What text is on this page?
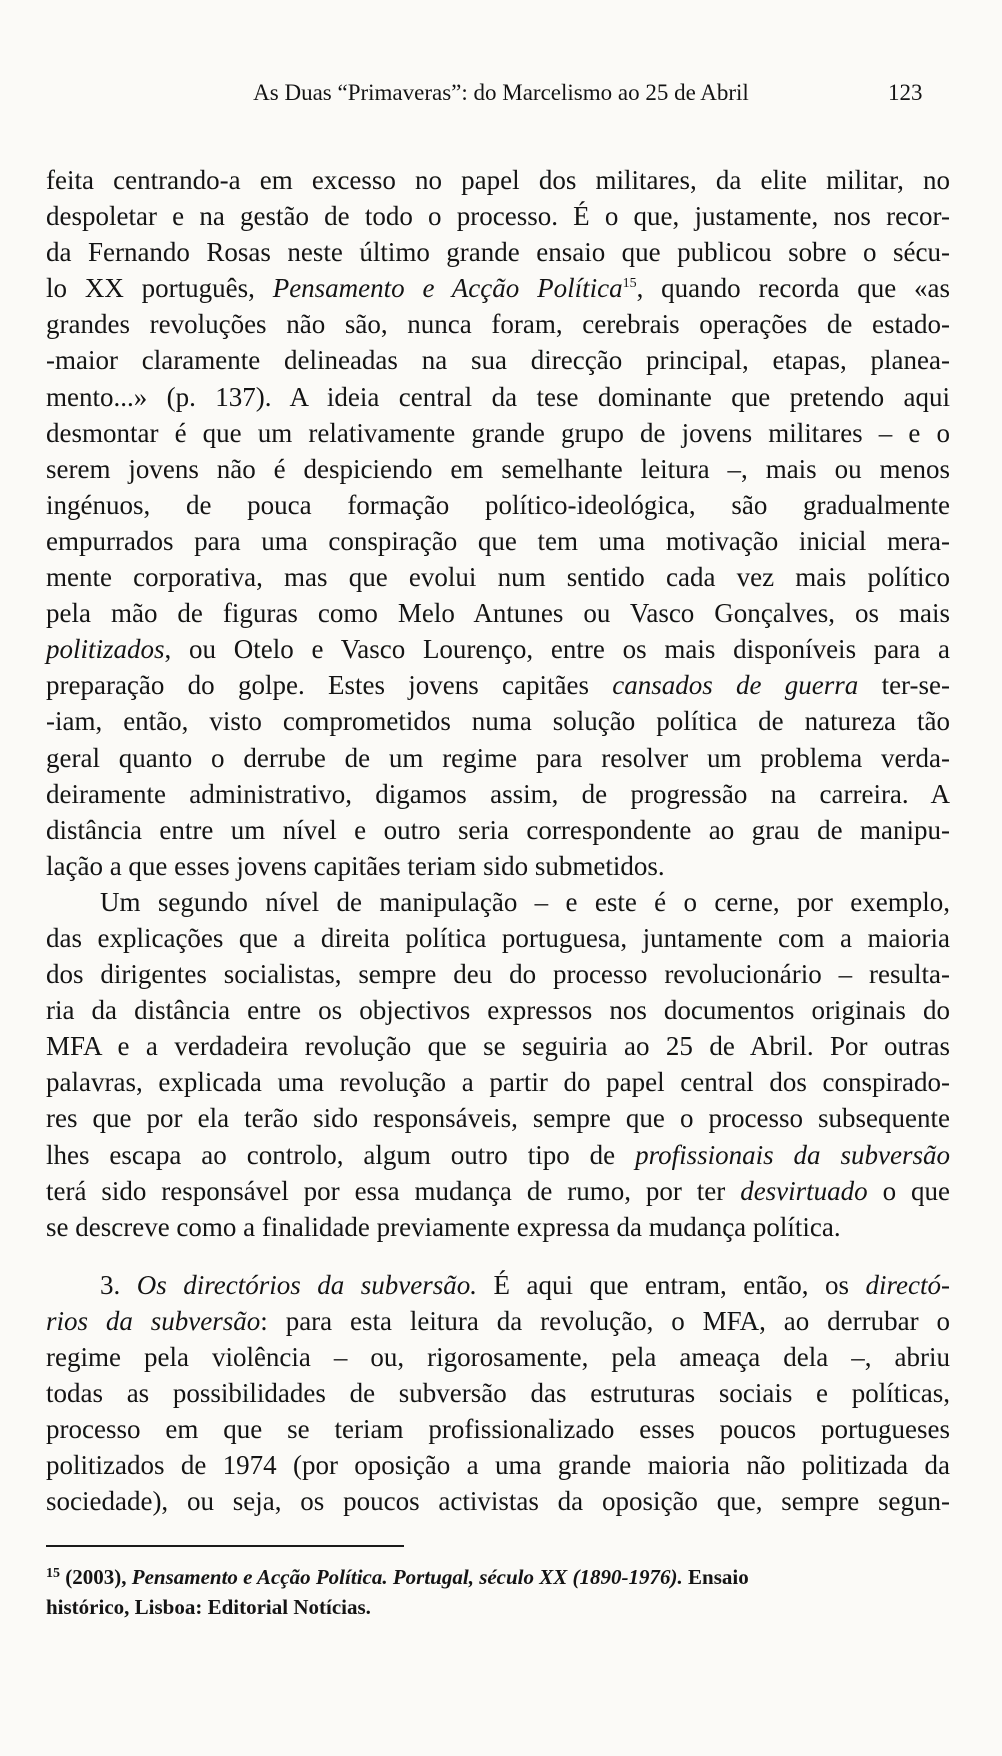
As Duas “Primaveras”: do Marcelismo ao 25 de Abril	123
feita centrando-a em excesso no papel dos militares, da elite militar, no
despoletar e na gestão de todo o processo. É o que, justamente, nos recor-
da Fernando Rosas neste último grande ensaio que publicou sobre o sécu-
lo XX português, Pensamento e Acção Política$^{15}$, quando recorda que «as
grandes revoluções não são, nunca foram, cerebrais operações de estado-
-maior claramente delineadas na sua direcção principal, etapas, planea-
mento...» (p. 137). A ideia central da tese dominante que pretendo aqui
desmontar é que um relativamente grande grupo de jovens militares – e o
serem jovens não é despiciendo em semelhante leitura –, mais ou menos
ingénuos, de pouca formação político-ideológica, são gradualmente
empurrados para uma conspiração que tem uma motivação inicial mera-
mente corporativa, mas que evolui num sentido cada vez mais político
pela mão de figuras como Melo Antunes ou Vasco Gonçalves, os mais
politizados, ou Otelo e Vasco Lourenço, entre os mais disponíveis para a
preparação do golpe. Estes jovens capitães cansados de guerra ter-se-
-iam, então, visto comprometidos numa solução política de natureza tão
geral quanto o derrube de um regime para resolver um problema verda-
deiramente administrativo, digamos assim, de progressão na carreira. A
distância entre um nível e outro seria correspondente ao grau de manipu-
lação a que esses jovens capitães teriam sido submetidos.
Um segundo nível de manipulação – e este é o cerne, por exemplo,
das explicações que a direita política portuguesa, juntamente com a maioria
dos dirigentes socialistas, sempre deu do processo revolucionário – resulta-
ria da distância entre os objectivos expressos nos documentos originais do
MFA e a verdadeira revolução que se seguiria ao 25 de Abril. Por outras
palavras, explicada uma revolução a partir do papel central dos conspirado-
res que por ela terão sido responsáveis, sempre que o processo subsequente
lhes escapa ao controlo, algum outro tipo de profissionais da subversão
terá sido responsável por essa mudança de rumo, por ter desvirtuado o que
se descreve como a finalidade previamente expressa da mudança política.
3. Os directórios da subversão. É aqui que entram, então, os directó-
rios da subversão: para esta leitura da revolução, o MFA, ao derrubar o
regime pela violência – ou, rigorosamente, pela ameaça dela –, abriu
todas as possibilidades de subversão das estruturas sociais e políticas,
processo em que se teriam profissionalizado esses poucos portugueses
politizados de 1974 (por oposição a uma grande maioria não politizada da
sociedade), ou seja, os poucos activistas da oposição que, sempre segun-
$^{15}$ (2003), Pensamento e Acção Política. Portugal, século XX (1890-1976). Ensaio
histórico, Lisboa: Editorial Notícias.
